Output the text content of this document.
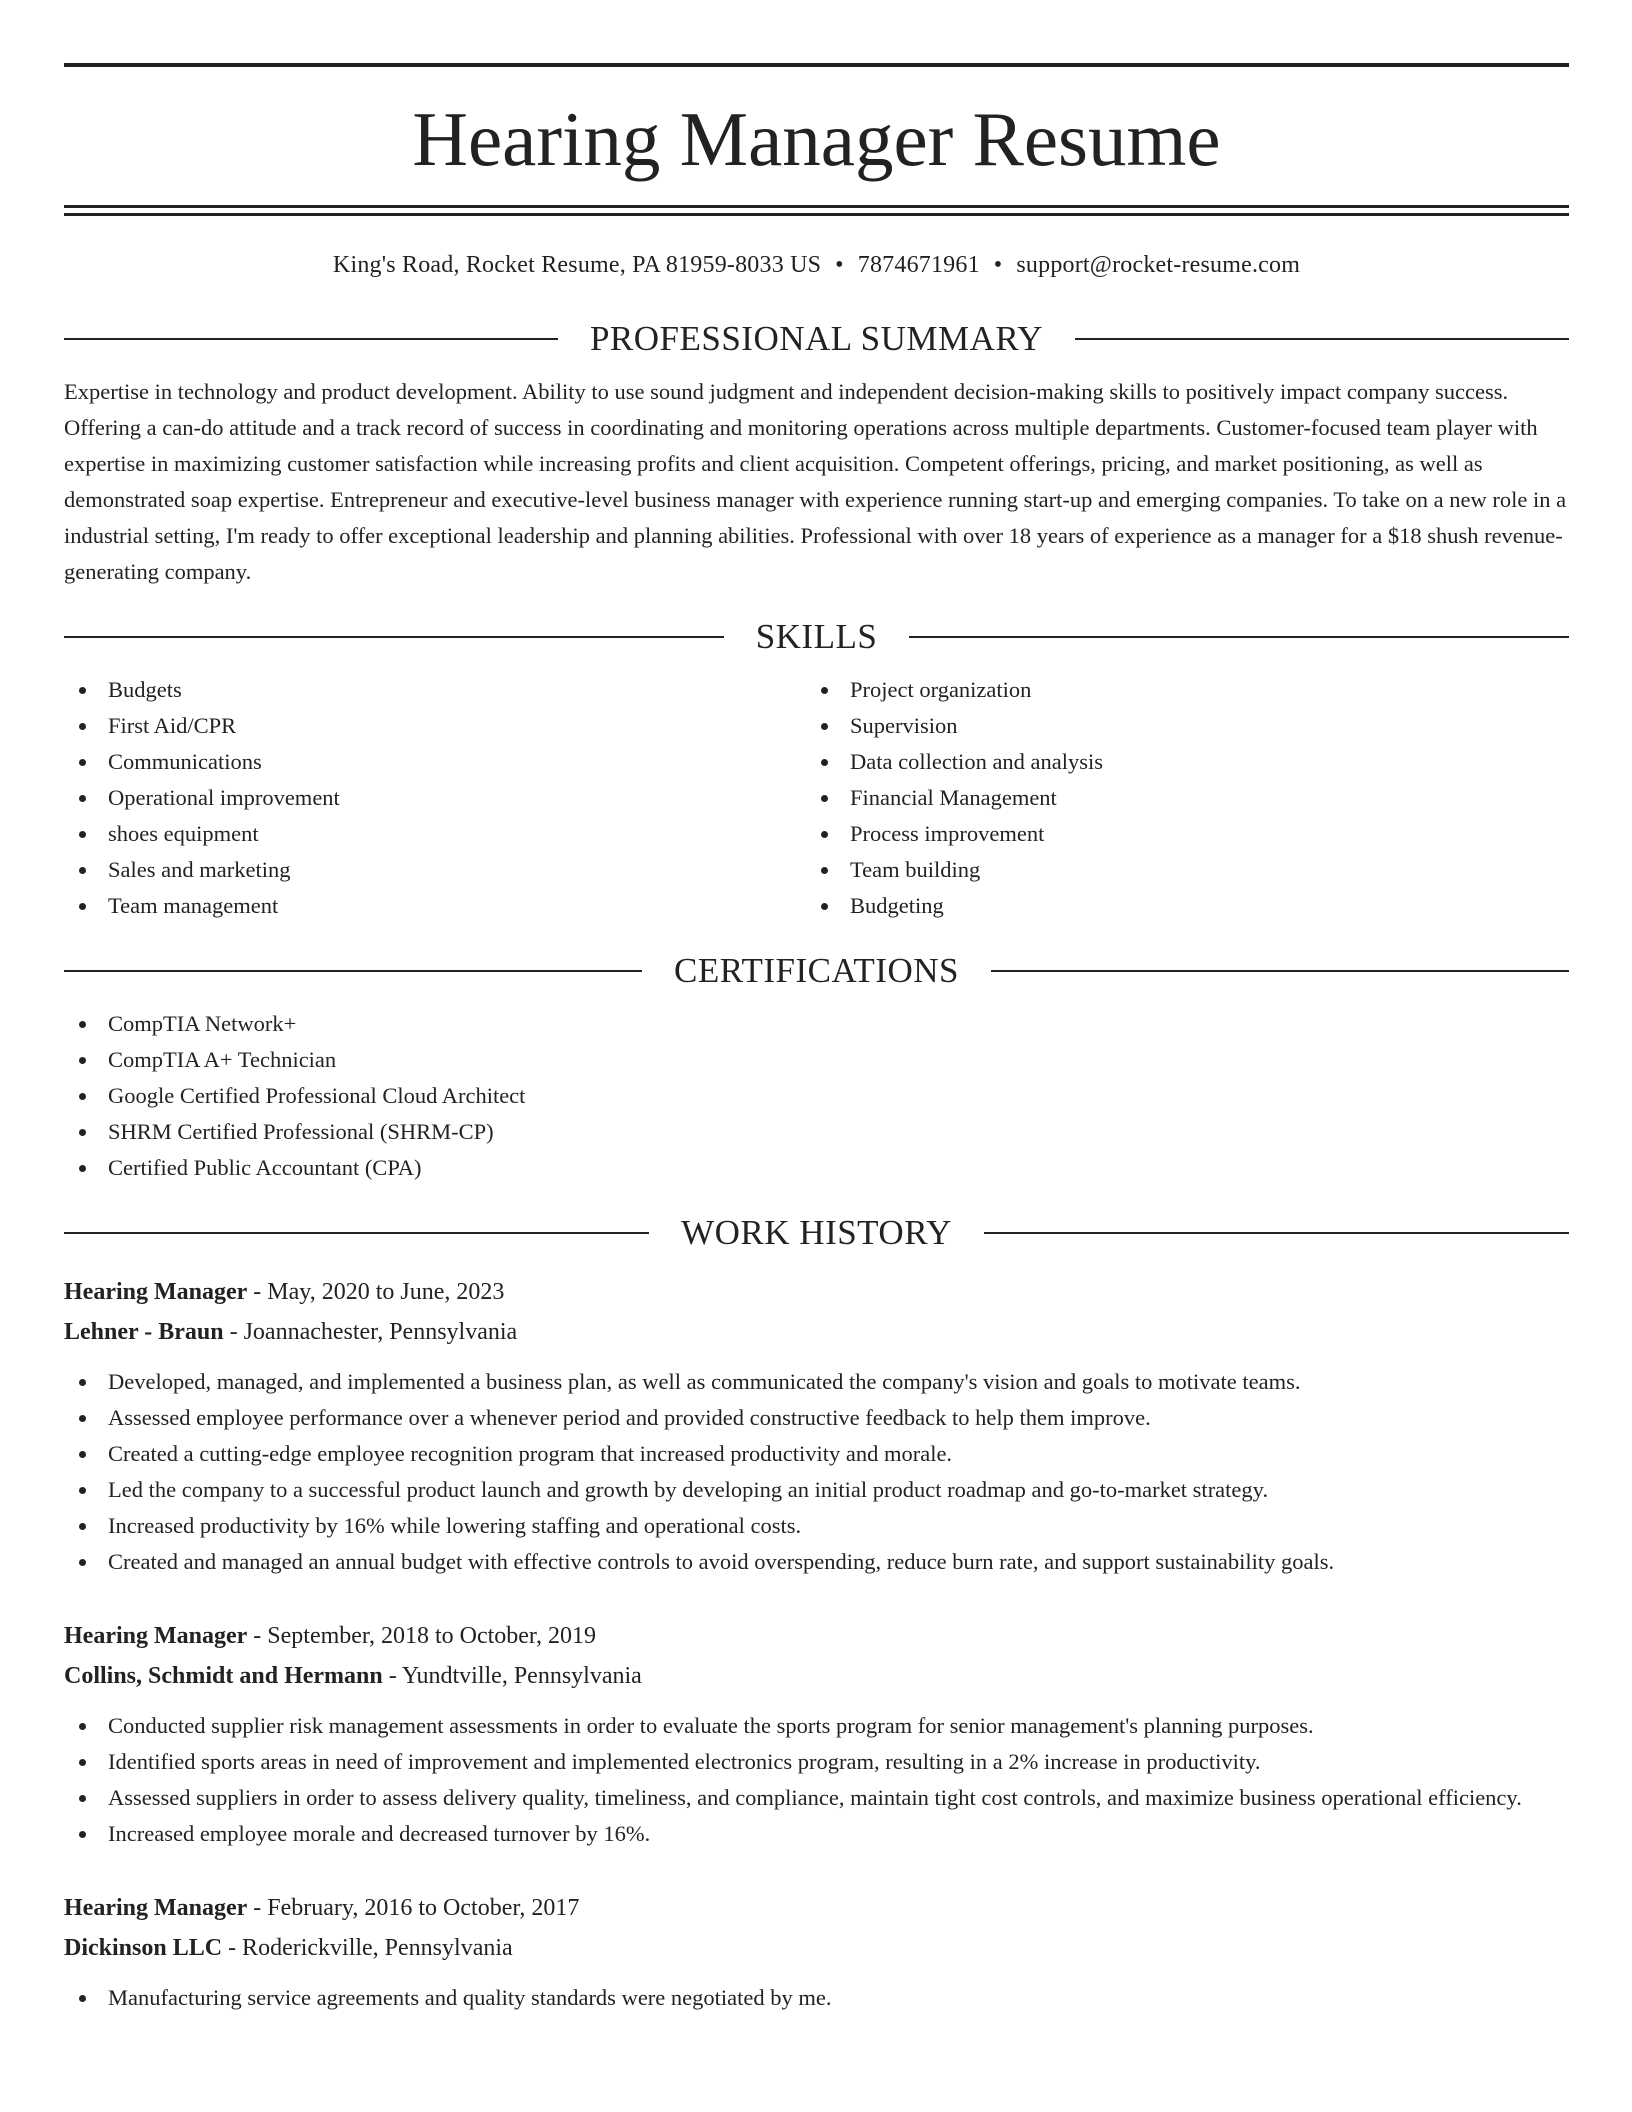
Hearing Manager Resume
King's Road, Rocket Resume, PA 81959-8033 US • 7874671961 • support@rocket-resume.com
PROFESSIONAL SUMMARY

Expertise in technology and product development. Ability to use sound judgment and independent decision-making skills to positively impact company success. Offering a can-do attitude and a track record of success in coordinating and monitoring operations across multiple departments. Customer-focused team player with expertise in maximizing customer satisfaction while increasing profits and client acquisition. Competent offerings, pricing, and market positioning, as well as demonstrated soap expertise. Entrepreneur and executive-level business manager with experience running start-up and emerging companies. To take on a new role in a industrial setting, I'm ready to offer exceptional leadership and planning abilities. Professional with over 18 years of experience as a manager for a $18 shush revenue-generating company.

SKILLS
Budgets
First Aid/CPR
Communications
Operational improvement
shoes equipment
Sales and marketing
Team management
Project organization
Supervision
Data collection and analysis
Financial Management
Process improvement
Team building
Budgeting
CERTIFICATIONS
CompTIA Network+
CompTIA A+ Technician
Google Certified Professional Cloud Architect
SHRM Certified Professional (SHRM-CP)
Certified Public Accountant (CPA)
WORK HISTORY
Hearing Manager - May, 2020 to June, 2023
Lehner - Braun - Joannachester, Pennsylvania
Developed, managed, and implemented a business plan, as well as communicated the company's vision and goals to motivate teams.
Assessed employee performance over a whenever period and provided constructive feedback to help them improve.
Created a cutting-edge employee recognition program that increased productivity and morale.
Led the company to a successful product launch and growth by developing an initial product roadmap and go-to-market strategy.
Increased productivity by 16% while lowering staffing and operational costs.
Created and managed an annual budget with effective controls to avoid overspending, reduce burn rate, and support sustainability goals.
Hearing Manager - September, 2018 to October, 2019
Collins, Schmidt and Hermann - Yundtville, Pennsylvania
Conducted supplier risk management assessments in order to evaluate the sports program for senior management's planning purposes.
Identified sports areas in need of improvement and implemented electronics program, resulting in a 2% increase in productivity.
Assessed suppliers in order to assess delivery quality, timeliness, and compliance, maintain tight cost controls, and maximize business operational efficiency.
Increased employee morale and decreased turnover by 16%.
Hearing Manager - February, 2016 to October, 2017
Dickinson LLC - Roderickville, Pennsylvania
Manufacturing service agreements and quality standards were negotiated by me.
